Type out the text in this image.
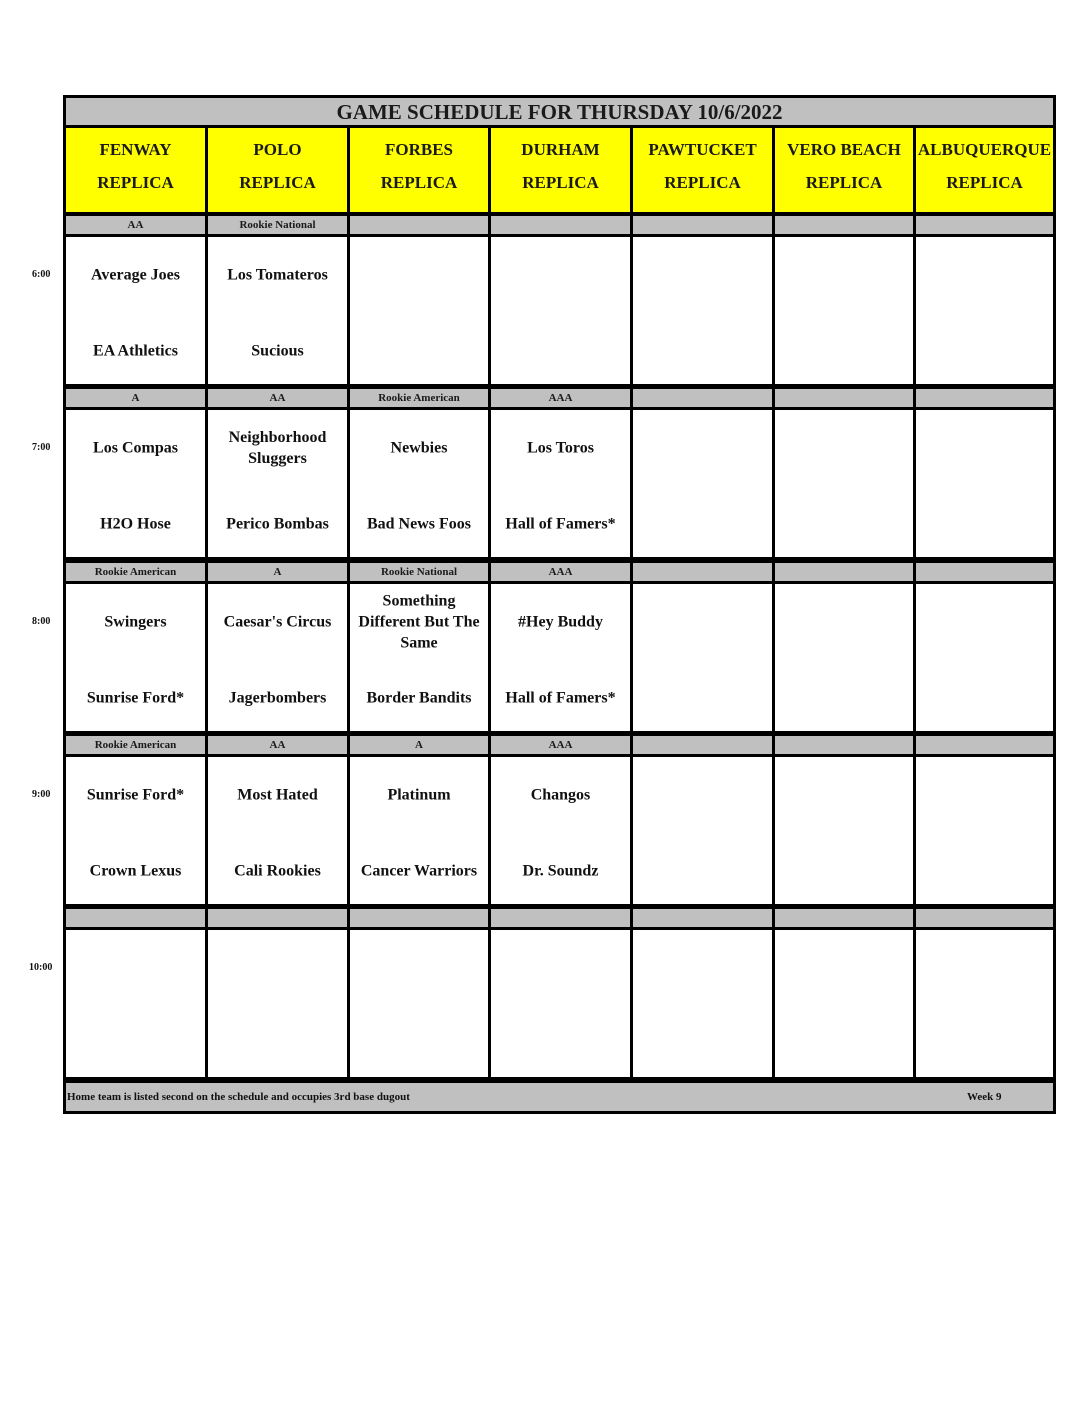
GAME SCHEDULE FOR THURSDAY 10/6/2022
Home team is listed second on the schedule and occupies 3rd base dugout	Week 9
FENWAY
REPLICA
POLO
REPLICA
FORBES
REPLICA
DURHAM
REPLICA
PAWTUCKET
REPLICA
VERO BEACH
REPLICA
ALBUQUERQUE
REPLICA
AA
Average Joes
EA Athletics
Rookie National
Los Tomateros
Sucious
A
Los Compas
H2O Hose
AA
Neighborhood Sluggers
Perico Bombas
Rookie American
Newbies
Bad News Foos
AAA
Los Toros
Hall of Famers*
Rookie American
Swingers
Sunrise Ford*
A
Caesar's Circus
Jagerbombers
Rookie National
Something Different But The Same
Border Bandits
AAA
#Hey Buddy
Hall of Famers*
Rookie American
Sunrise Ford*
Crown Lexus
AA
Most Hated
Cali Rookies
A
Platinum
Cancer Warriors
AAA
Changos
Dr. Soundz
6:00
7:00
8:00
9:00
10:00
